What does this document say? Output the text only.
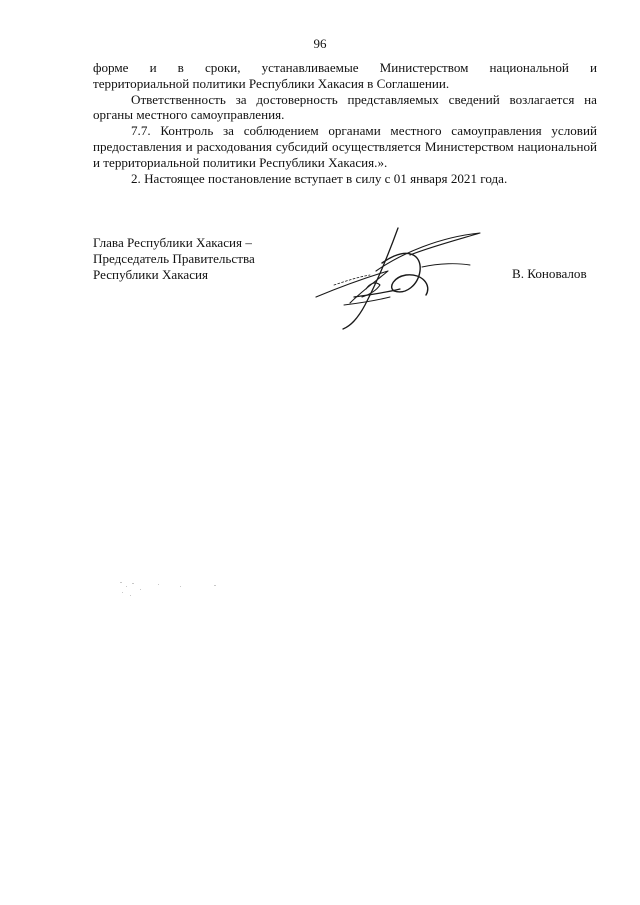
96

форме и в сроки, устанавливаемые Министерством национальной и

территориальной политики Республики Хакасия в Соглашении.

Ответственность за достоверность представляемых сведений возлагается на органы местного самоуправления.

7.7. Контроль за соблюдением органами местного самоуправления условий предоставления и расходования субсидий осуществляется Министерством национальной и территориальной политики Республики Хакасия.».

2. Настоящее постановление вступает в силу с 01 января 2021 года.

Глава Республики Хакасия –
Председатель Правительства
Республики Хакасия	В. Коновалов
